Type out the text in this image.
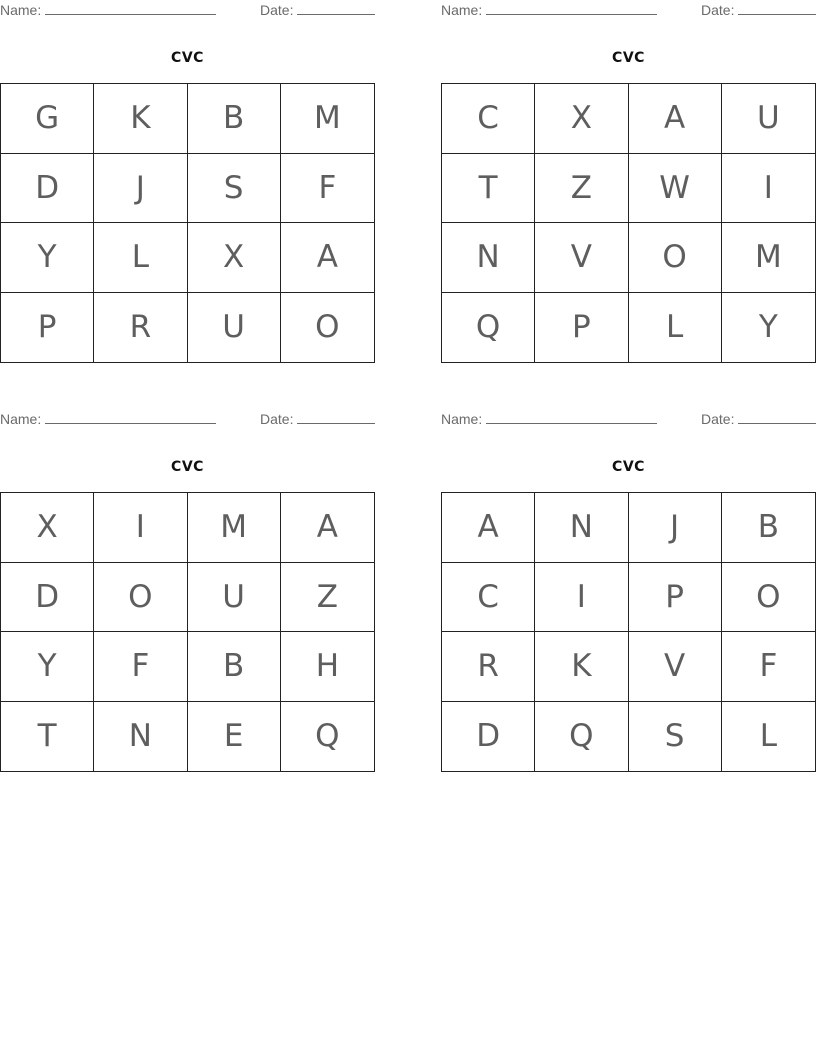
Name:	Date:
CVC
G	K	B	M
D	J	S	F
Y	L	X	A
P	R	U	O
Name:	Date:
CVC
C	X	A	U
T	Z	W	I
N	V	O	M
Q	P	L	Y
Name:	Date:
CVC
X	I	M	A
D	O	U	Z
Y	F	B	H
T	N	E	Q
Name:	Date:
CVC
A	N	J	B
C	I	P	O
R	K	V	F
D	Q	S	L
